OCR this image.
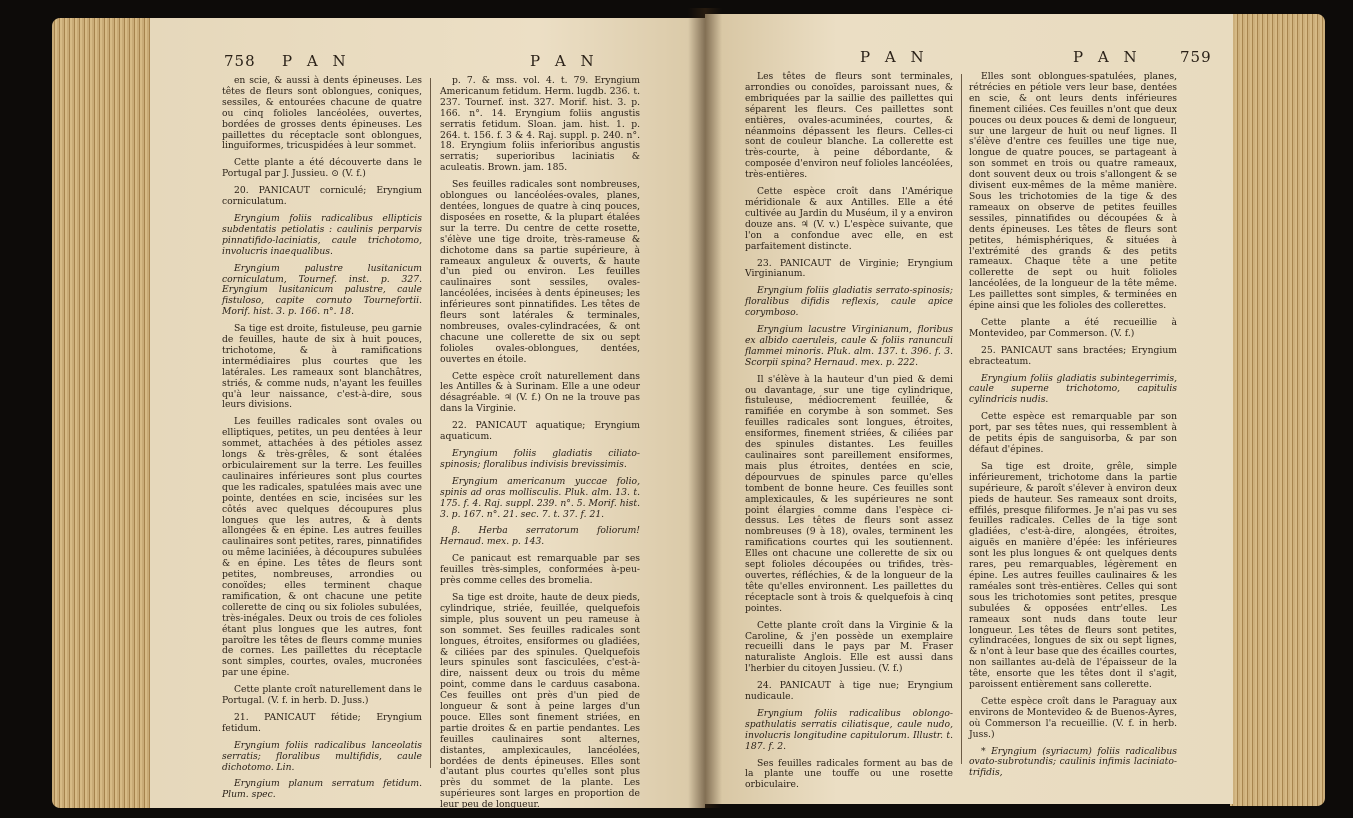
758 P A N	P A N

en scie, & aussi à dents épineuses. Les têtes de fleurs sont oblongues, coniques, sessiles, & entourées chacune de quatre ou cinq folioles lancéolées, ouvertes, bordées de grosses dents épineuses. Les paillettes du réceptacle sont oblongues, linguiformes, tricuspidées à leur sommet.

Cette plante a été découverte dans le Portugal par J. Jussieu. ⊙ (V. f.)

20. PANICAUT corniculé; Eryngium corniculatum.

Eryngium foliis radicalibus ellipticis subdentatis petiolatis : caulinis perparvis pinnatifido-laciniatis, caule trichotomo, involucris inaequalibus.

Eryngium palustre lusitanicum corniculatum, Tournef. inst. p. 327. Eryngium lusitanicum palustre, caule fistuloso, capite cornuto Tournefortii. Morif. hist. 3. p. 166. n°. 18.

Sa tige est droite, fistuleuse, peu garnie de feuilles, haute de six à huit pouces, trichotome, & à ramifications intermédiaires plus courtes que les latérales. Les rameaux sont blanchâtres, striés, & comme nuds, n'ayant les feuilles qu'à leur naissance, c'est-à-dire, sous leurs divisions.

Les feuilles radicales sont ovales ou elliptiques, petites, un peu dentées à leur sommet, attachées à des pétioles assez longs & très-grêles, & sont étalées orbiculairement sur la terre. Les feuilles caulinaires inférieures sont plus courtes que les radicales, spatulées mais avec une pointe, dentées en scie, incisées sur les côtés avec quelques découpures plus longues que les autres, & à dents allongées & en épine. Les autres feuilles caulinaires sont petites, rares, pinnatifides ou même laciniées, à découpures subulées & en épine. Les têtes de fleurs sont petites, nombreuses, arrondies ou conoïdes; elles terminent chaque ramification, & ont chacune une petite collerette de cinq ou six folioles subulées, très-inégales. Deux ou trois de ces folioles étant plus longues que les autres, font paroître les têtes de fleurs comme munies de cornes. Les paillettes du réceptacle sont simples, courtes, ovales, mucronées par une épine.

Cette plante croît naturellement dans le Portugal. (V. f. in herb. D. Juss.)

21. PANICAUT fétide; Eryngium fetidum.

Eryngium foliis radicalibus lanceolatis serratis; floralibus multifidis, caule dichotomo. Lin.

Eryngium planum serratum fetidum. Plum. spec.

p. 7. & mss. vol. 4. t. 79. Eryngium Americanum fetidum. Herm. lugdb. 236. t. 237. Tournef. inst. 327. Morif. hist. 3. p. 166. n°. 14. Eryngium foliis angustis serratis fetidum. Sloan. jam. hist. 1. p. 264. t. 156. f. 3 & 4. Raj. suppl. p. 240. n°. 18. Eryngium foliis inferioribus angustis serratis; superioribus laciniatis & aculeatis. Brown. jam. 185.

Ses feuilles radicales sont nombreuses, oblongues ou lancéolées-ovales, planes, dentées, longues de quatre à cinq pouces, disposées en rosette, & la plupart étalées sur la terre. Du centre de cette rosette, s'élève une tige droite, très-rameuse & dichotome dans sa partie supérieure, à rameaux anguleux & ouverts, & haute d'un pied ou environ. Les feuilles caulinaires sont sessiles, ovales-lancéolées, incisées à dents épineuses; les inférieures sont pinnatifides. Les têtes de fleurs sont latérales & terminales, nombreuses, ovales-cylindracées, & ont chacune une collerette de six ou sept folioles ovales-oblongues, dentées, ouvertes en étoile.

Cette espèce croît naturellement dans les Antilles & à Surinam. Elle a une odeur désagréable. ♃ (V. f.) On ne la trouve pas dans la Virginie.

22. PANICAUT aquatique; Eryngium aquaticum.

Eryngium foliis gladiatis ciliato-spinosis; floralibus indivisis brevissimis.

Eryngium americanum yuccae folio, spinis ad oras mollisculis. Pluk. alm. 13. t. 175. f. 4. Raj. suppl. 239. n°. 5. Morif. hist. 3. p. 167. n°. 21. sec. 7. t. 37. f. 21.

β. Herba serratorum foliorum! Hernaud. mex. p. 143.

Ce panicaut est remarquable par ses feuilles très-simples, conformées à-peu-près comme celles des bromelia.

Sa tige est droite, haute de deux pieds, cylindrique, striée, feuillée, quelquefois simple, plus souvent un peu rameuse à son sommet. Ses feuilles radicales sont longues, étroites, ensiformes ou gladiées, & ciliées par des spinules. Quelquefois leurs spinules sont fasciculées, c'est-à-dire, naissent deux ou trois du même point, comme dans le carduus casabona. Ces feuilles ont près d'un pied de longueur & sont à peine larges d'un pouce. Elles sont finement striées, en partie droites & en partie pendantes. Les feuilles caulinaires sont alternes, distantes, amplexicaules, lancéolées, bordées de dents épineuses. Elles sont d'autant plus courtes qu'elles sont plus près du sommet de la plante. Les supérieures sont larges en proportion de leur peu de longueur.

P A N	P A N	759

Les têtes de fleurs sont terminales, arrondies ou conoïdes, paroissant nues, & embriquées par la saillie des paillettes qui séparent les fleurs. Ces paillettes sont entières, ovales-acuminées, courtes, & néanmoins dépassent les fleurs. Celles-ci sont de couleur blanche. La collerette est très-courte, à peine débordante, & composée d'environ neuf folioles lancéolées, très-entières.

Cette espèce croît dans l'Amérique méridionale & aux Antilles. Elle a été cultivée au Jardin du Muséum, il y a environ douze ans. ♃ (V. v.) L'espèce suivante, que l'on a confondue avec elle, en est parfaitement distincte.

23. PANICAUT de Virginie; Eryngium Virginianum.

Eryngium foliis gladiatis serrato-spinosis; floralibus difidis reflexis, caule apice corymboso.

Eryngium lacustre Virginianum, floribus ex albido caeruleis, caule & foliis ranunculi flammei minoris. Pluk. alm. 137. t. 396. f. 3. Scorpii spina? Hernaud. mex. p. 222.

Il s'élève à la hauteur d'un pied & demi ou davantage, sur une tige cylindrique, fistuleuse, médiocrement feuillée, & ramifiée en corymbe à son sommet. Ses feuilles radicales sont longues, étroites, ensiformes, finement striées, & ciliées par des spinules distantes. Les feuilles caulinaires sont pareillement ensiformes, mais plus étroites, dentées en scie, dépourvues de spinules parce qu'elles tombent de bonne heure. Ces feuilles sont amplexicaules, & les supérieures ne sont point élargies comme dans l'espèce ci-dessus. Les têtes de fleurs sont assez nombreuses (9 à 18), ovales, terminent les ramifications courtes qui les soutiennent. Elles ont chacune une collerette de six ou sept folioles découpées ou trifides, très-ouvertes, réfléchies, & de la longueur de la tête qu'elles environnent. Les paillettes du réceptacle sont à trois & quelquefois à cinq pointes.

Cette plante croît dans la Virginie & la Caroline, & j'en possède un exemplaire recueilli dans le pays par M. Fraser naturaliste Anglois. Elle est aussi dans l'herbier du citoyen Jussieu. (V. f.)

24. PANICAUT à tige nue; Eryngium nudicaule.

Eryngium foliis radicalibus oblongo-spathulatis serratis ciliatisque, caule nudo, involucris longitudine capitulorum. Illustr. t. 187. f. 2.

Ses feuilles radicales forment au bas de la plante une touffe ou une rosette orbiculaire.

Elles sont oblongues-spatulées, planes, rétrécies en pétiole vers leur base, dentées en scie, & ont leurs dents inférieures finement ciliées. Ces feuilles n'ont que deux pouces ou deux pouces & demi de longueur, sur une largeur de huit ou neuf lignes. Il s'élève d'entre ces feuilles une tige nue, longue de quatre pouces, se partageant à son sommet en trois ou quatre rameaux, dont souvent deux ou trois s'allongent & se divisent eux-mêmes de la même manière. Sous les trichotomies de la tige & des rameaux on observe de petites feuilles sessiles, pinnatifides ou découpées & à dents épineuses. Les têtes de fleurs sont petites, hémisphériques, & situées à l'extrémité des grands & des petits rameaux. Chaque tête a une petite collerette de sept ou huit folioles lancéolées, de la longueur de la tête même. Les paillettes sont simples, & terminées en épine ainsi que les folioles des collerettes.

Cette plante a été recueillie à Montevideo, par Commerson. (V. f.)

25. PANICAUT sans bractées; Eryngium ebracteatum.

Eryngium foliis gladiatis subintegerrimis, caule superne trichotomo, capitulis cylindricis nudis.

Cette espèce est remarquable par son port, par ses têtes nues, qui ressemblent à de petits épis de sanguisorba, & par son défaut d'épines.

Sa tige est droite, grêle, simple inférieurement, trichotome dans la partie supérieure, & paroît s'élever à environ deux pieds de hauteur. Ses rameaux sont droits, effilés, presque filiformes. Je n'ai pas vu ses feuilles radicales. Celles de la tige sont gladiées, c'est-à-dire, alongées, étroites, aiguës en manière d'épée: les inférieures sont les plus longues & ont quelques dents rares, peu remarquables, légèrement en épine. Les autres feuilles caulinaires & les raméales sont très-entières. Celles qui sont sous les trichotomies sont petites, presque subulées & opposées entr'elles. Les rameaux sont nuds dans toute leur longueur. Les têtes de fleurs sont petites, cylindracées, longues de six ou sept lignes, & n'ont à leur base que des écailles courtes, non saillantes au-delà de l'épaisseur de la tête, ensorte que les têtes dont il s'agit, paroissent entièrement sans collerette.

Cette espèce croît dans le Paraguay aux environs de Montevideo & de Buenos-Ayres, où Commerson l'a recueillie. (V. f. in herb. Juss.)

* Eryngium (syriacum) foliis radicalibus ovato-subrotundis; caulinis infimis laciniato-trifidis,
